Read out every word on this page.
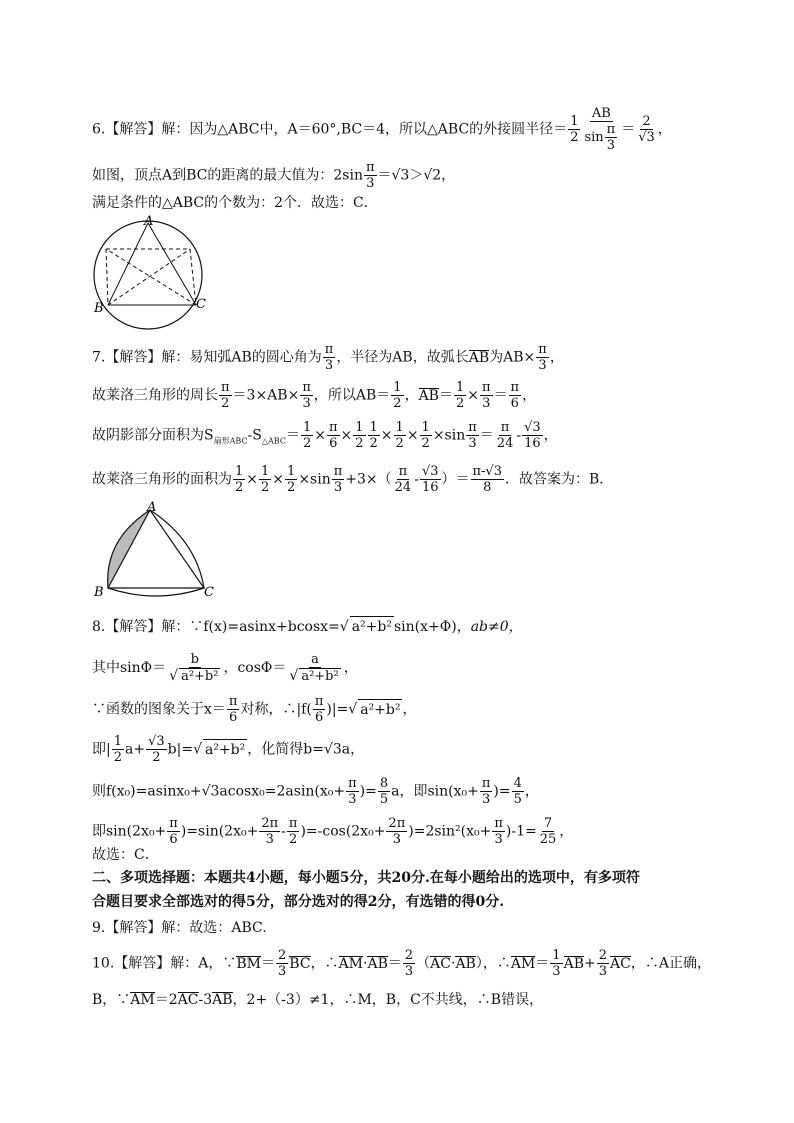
6.【解答】解：因为△ABC中，A＝60°,BC＝4，所以△ABC的外接圆半径＝ $\frac{1}{2} \frac{AB}{\sin \frac{\pi}{3}} = \frac{2}{√3}$ ，
如图，顶点A到BC的距离的最大值为：$2\sin \frac{\pi}{3} =√3>√2$，
满足条件的△ABC的个数为：2个．故选：C．
A
B	C
7.【解答】解：易知弧AB的圆心角为 $\frac{\pi}{3}$ ，半径为AB，故弧长AB为$AB\times \frac{\pi}{3}$ ，
故莱洛三角形的周长 $\frac{\pi}{2} =3\times AB\times \frac{\pi}{3}$ ，所以$AB= \frac{1}{2}$ ，$AB= \frac{1}{2} \times \frac{\pi}{3} = \frac{\pi}{6}$ ，
故阴影部分面积为$S_{扇形ABC}-S_{\triangle ABC}= \frac{1}{2} \times \frac{\pi}{6} \times \frac{1}{2} \frac{1}{2} \times \frac{1}{2} \times \frac{1}{2} \times\sin \frac{\pi}{3} = \frac{\pi}{24} - \frac{√3}{16}$ ，
故莱洛三角形的面积为 $\frac{1}{2} \times \frac{1}{2} \times \frac{1}{2} \times\sin \frac{\pi}{3} +3\times( \frac{\pi}{24} - \frac{√3}{16}$ ）＝ $\frac{\pi-√3}{8}$ ．故答案为：B．
A
B	C
8.【解答】解：∵f(x)=asinx+bcosx=√ a²+b² sin(x+Φ)，ab≠0，
其中$\sin\Phi= \frac{b}{\text{√ a²+b²}}$ ，$\cos\Phi= \frac{a}{\text{√ a²+b²}}$ ，
∵函数的图象关于$x= \frac{\pi}{6}$ 对称，∴|f( $\frac{\pi}{6}$ )|=√ a²+b² ，
即| $\frac{1}{2} a+ \frac{√3}{2} b|=√$ a²+b² ，化简得b=√3a，
则$f(x_0)=asinx_0+√3acosx_0=2asin(x_0+ \frac{\pi}{3}$ )= $\frac{8}{5}$ a，即$\sin(x_0+ \frac{\pi}{3}$ )= $\frac{4}{5}$ ，
即$\sin(2x_0+ \frac{\pi}{6} )=\sin(2x_0+ \frac{2\pi}{3} - \frac{\pi}{2} )=-\cos(2x_0+ \frac{2\pi}{3} )=2\sin^2(x_0+ \frac{\pi}{3} )-1= \frac{7}{25}$ ，
故选：C．
二、多项选择题：本题共4小题，每小题5分，共20分.在每小题给出的选项中，有多项符
合题目要求全部选对的得5分，部分选对的得2分，有选错的得0分.
9.【解答】解：故选：ABC.
10.【解答】解：A，∵BM＝ $\frac{2}{3}$ BC，∴AM·AB＝ $\frac{2}{3} (AC\cdot AB)$，∴AM＝ $\frac{1}{3} AB+ \frac{2}{3}$ AC，∴A正确，
B，∵AM＝2AC-3AB，2+（-3）≠1，∴M，B，C不共线，∴B错误，
